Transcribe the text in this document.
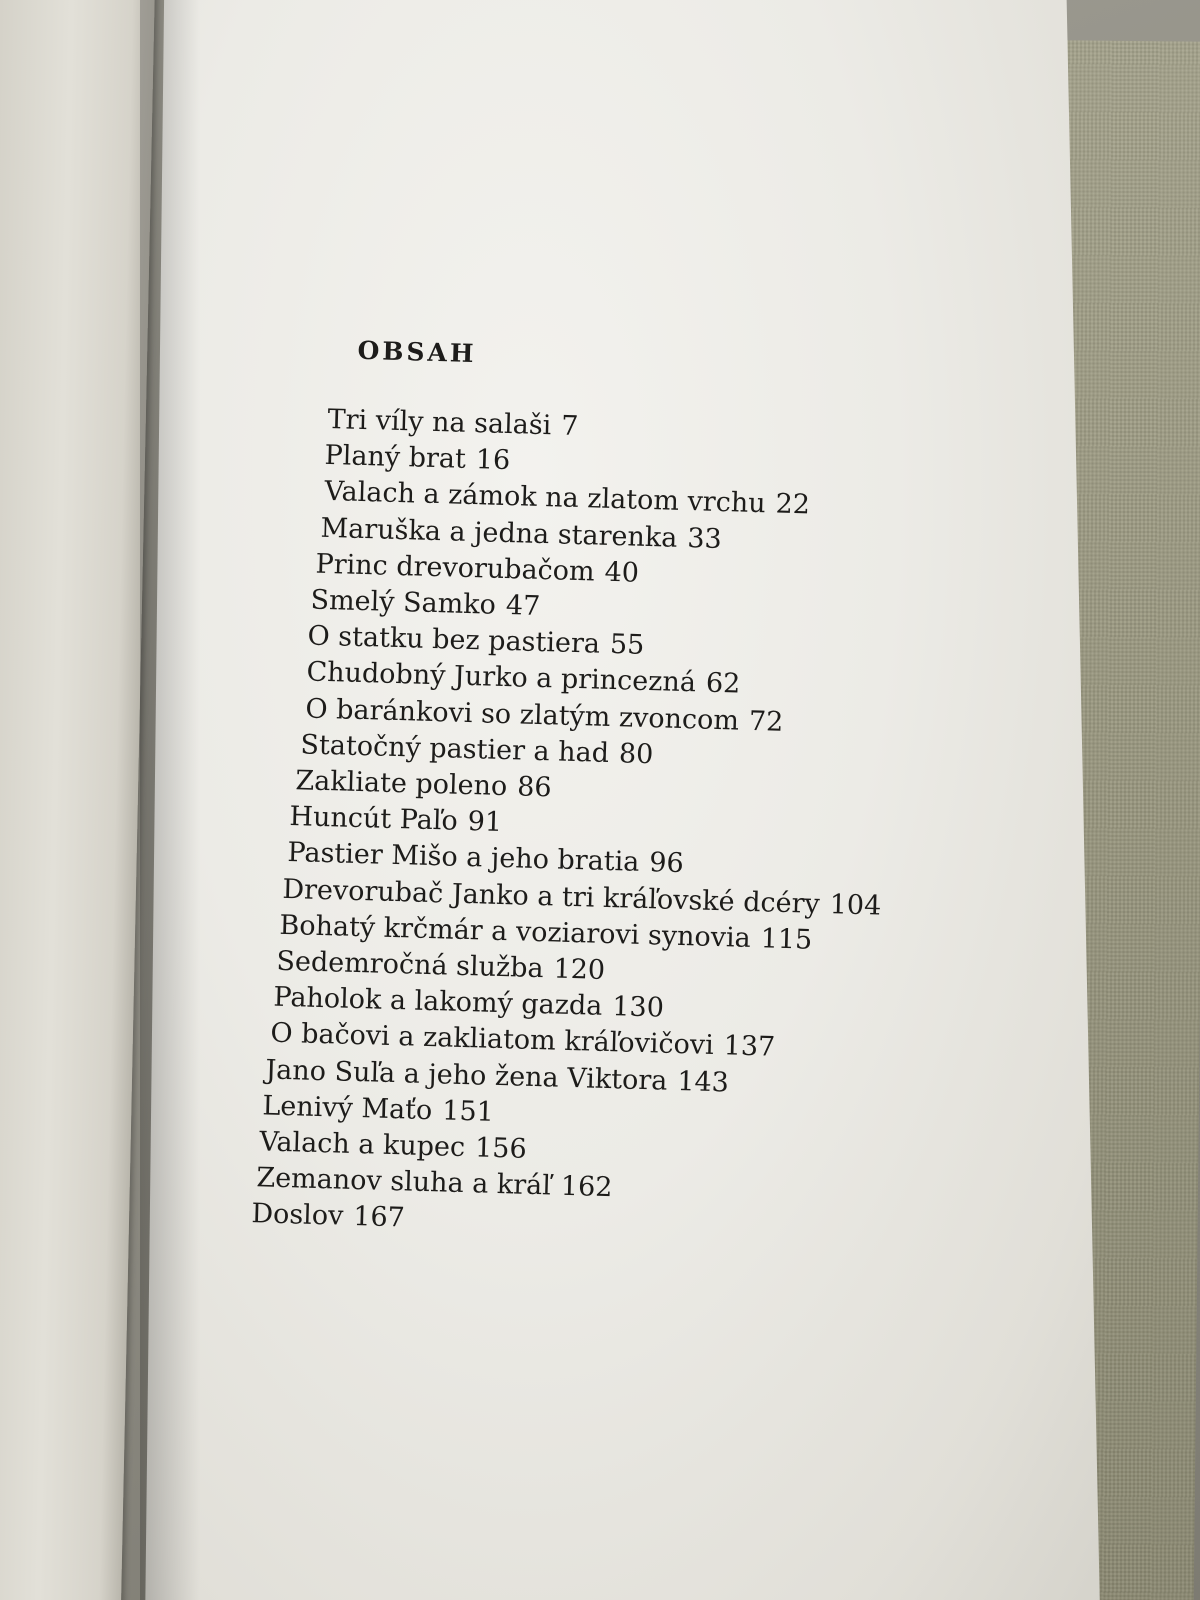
OBSAH
Tri víly na salaši 7
Planý brat 16
Valach a zámok na zlatom vrchu 22
Maruška a jedna starenka 33
Princ drevorubačom 40
Smelý Samko 47
O statku bez pastiera 55
Chudobný Jurko a princezná 62
O baránkovi so zlatým zvoncom 72
Statočný pastier a had 80
Zakliate poleno 86
Huncút Paľo 91
Pastier Mišo a jeho bratia 96
Drevorubač Janko a tri kráľovské dcéry 104
Bohatý krčmár a voziarovi synovia 115
Sedemročná služba 120
Paholok a lakomý gazda 130
O bačovi a zakliatom kráľovičovi 137
Jano Suľa a jeho žena Viktora 143
Lenivý Maťo 151
Valach a kupec 156
Zemanov sluha a kráľ 162
Doslov 167
